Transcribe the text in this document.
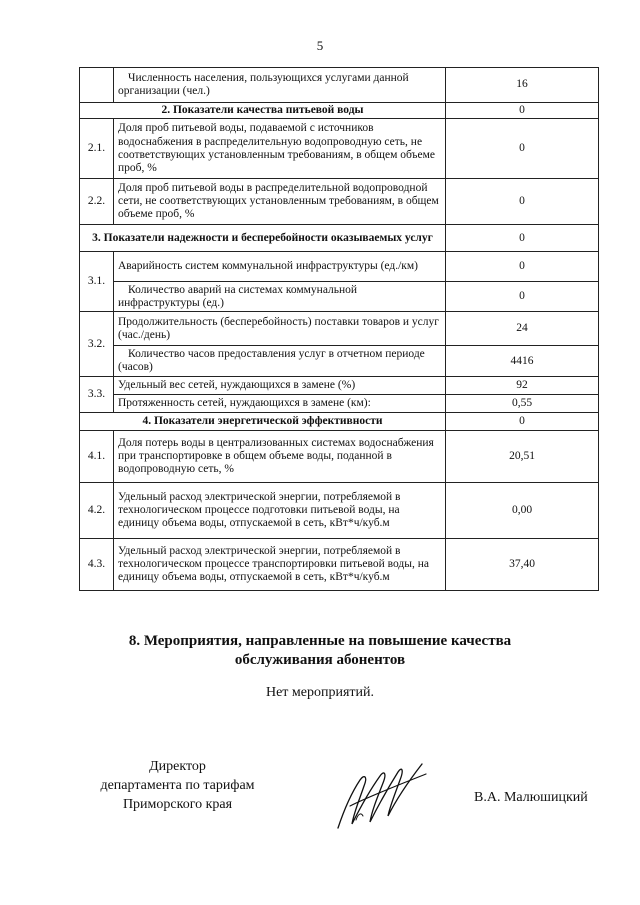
5
	Численность населения, пользующихся услугами данной организации (чел.)	16
2. Показатели качества питьевой воды		0
2.1.	Доля проб питьевой воды, подаваемой с источников водоснабжения в распределительную водопроводную сеть, не соответствующих установленным требованиям, в общем объеме проб, %	0
2.2.	Доля проб питьевой воды в распределительной водопроводной сети, не соответствующих установленным требованиям, в общем объеме проб, %	0
3. Показатели надежности и бесперебойности оказываемых услуг		0
3.1.	Аварийность систем коммунальной инфраструктуры (ед./км)	0
	Количество аварий на системах коммунальной инфраструктуры (ед.)	0
3.2.	Продолжительность (бесперебойность) поставки товаров и услуг (час./день)	24
	Количество часов предоставления услуг в отчетном периоде (часов)	4416
3.3.	Удельный вес сетей, нуждающихся в замене (%)	92
	Протяженность сетей, нуждающихся в замене (км):	0,55
4. Показатели энергетической эффективности		0
4.1.	Доля потерь воды в централизованных системах водоснабжения при транспортировке в общем объеме воды, поданной в водопроводную сеть, %	20,51
4.2.	Удельный расход электрической энергии, потребляемой в технологическом процессе подготовки питьевой воды, на единицу объема воды, отпускаемой в сеть, кВт*ч/куб.м	0,00
4.3.	Удельный расход электрической энергии, потребляемой в технологическом процессе транспортировки питьевой воды, на единицу объема воды, отпускаемой в сеть, кВт*ч/куб.м	37,40
8. Мероприятия, направленные на повышение качества
обслуживания абонентов
Нет мероприятий.
Директор
департамента по тарифам
Приморского края	В.А. Малюшицкий
